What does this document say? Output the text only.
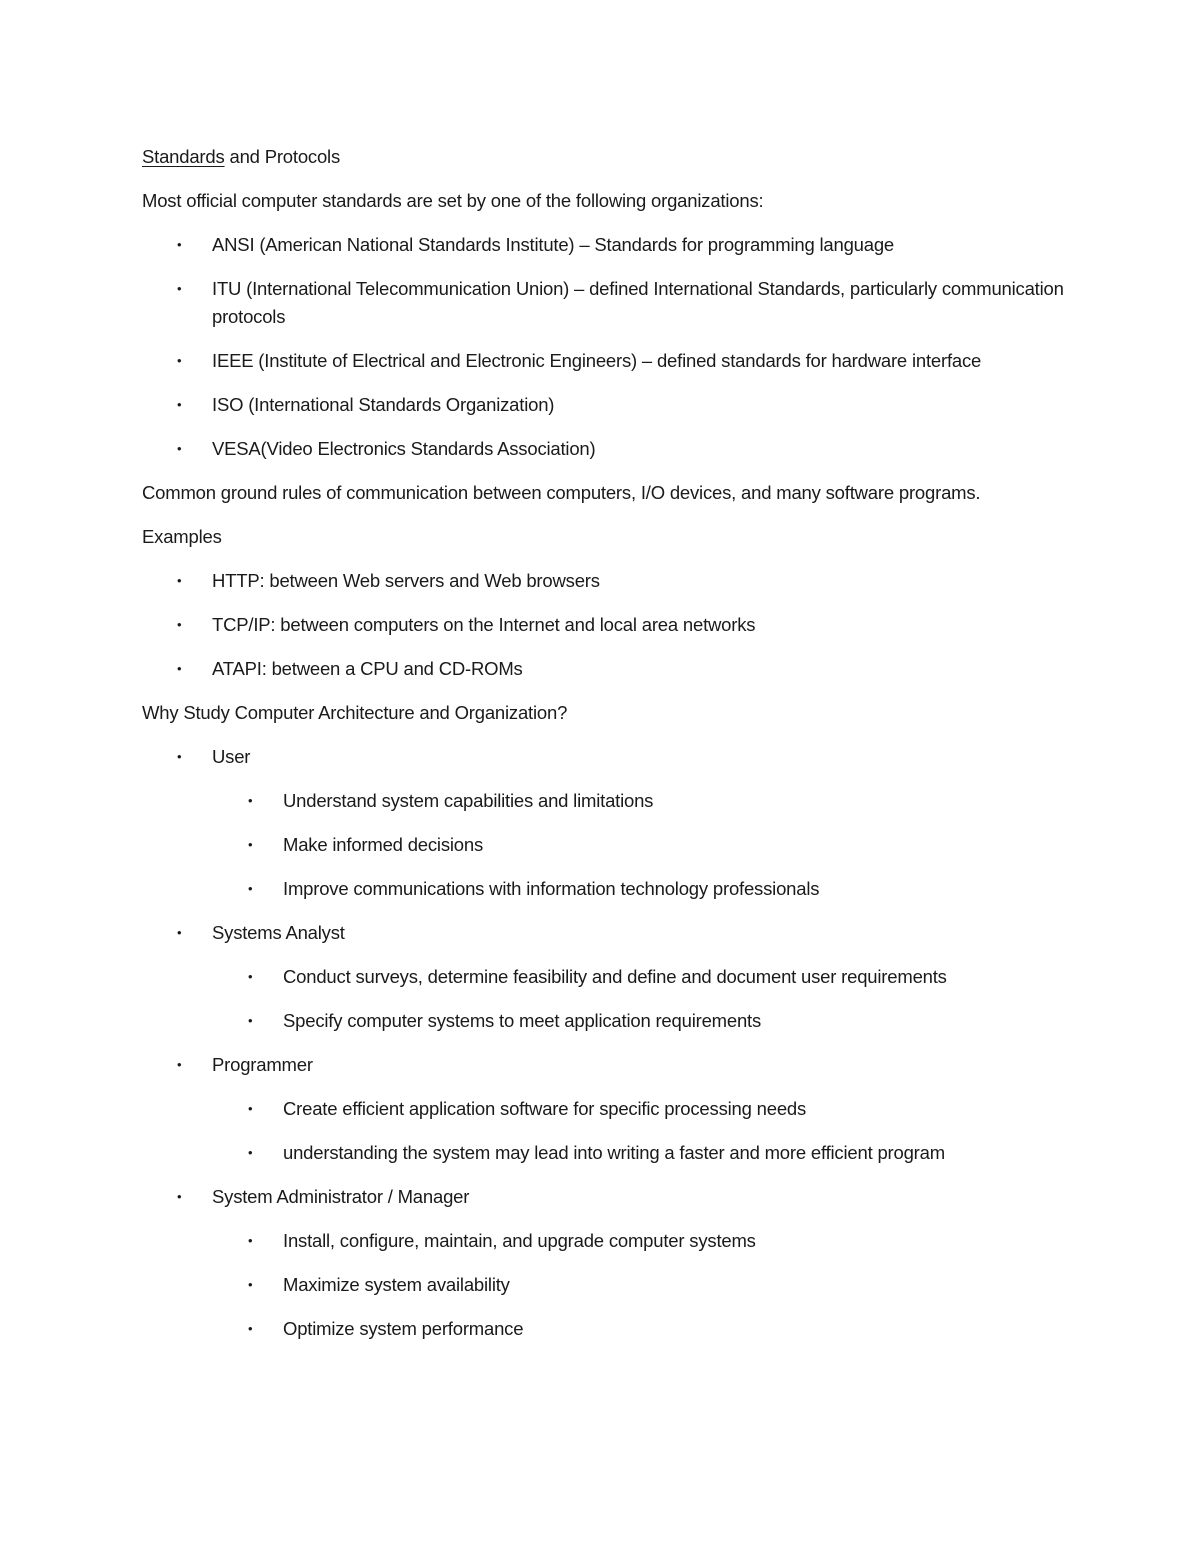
Standards and Protocols

Most official computer standards are set by one of the following organizations:

• ANSI (American National Standards Institute) – Standards for programming language
• ITU (International Telecommunication Union) – defined International Standards, particularly communication protocols
• IEEE (Institute of Electrical and Electronic Engineers) – defined standards for hardware interface
• ISO (International Standards Organization)
• VESA(Video Electronics Standards Association)

Common ground rules of communication between computers, I/O devices, and many software programs.

Examples

• HTTP: between Web servers and Web browsers
• TCP/IP: between computers on the Internet and local area networks
• ATAPI: between a CPU and CD-ROMs

Why Study Computer Architecture and Organization?

• User
• Understand system capabilities and limitations
• Make informed decisions
• Improve communications with information technology professionals
• Systems Analyst
• Conduct surveys, determine feasibility and define and document user requirements
• Specify computer systems to meet application requirements
• Programmer
• Create efficient application software for specific processing needs
• understanding the system may lead into writing a faster and more efficient program
• System Administrator / Manager
• Install, configure, maintain, and upgrade computer systems
• Maximize system availability
• Optimize system performance
